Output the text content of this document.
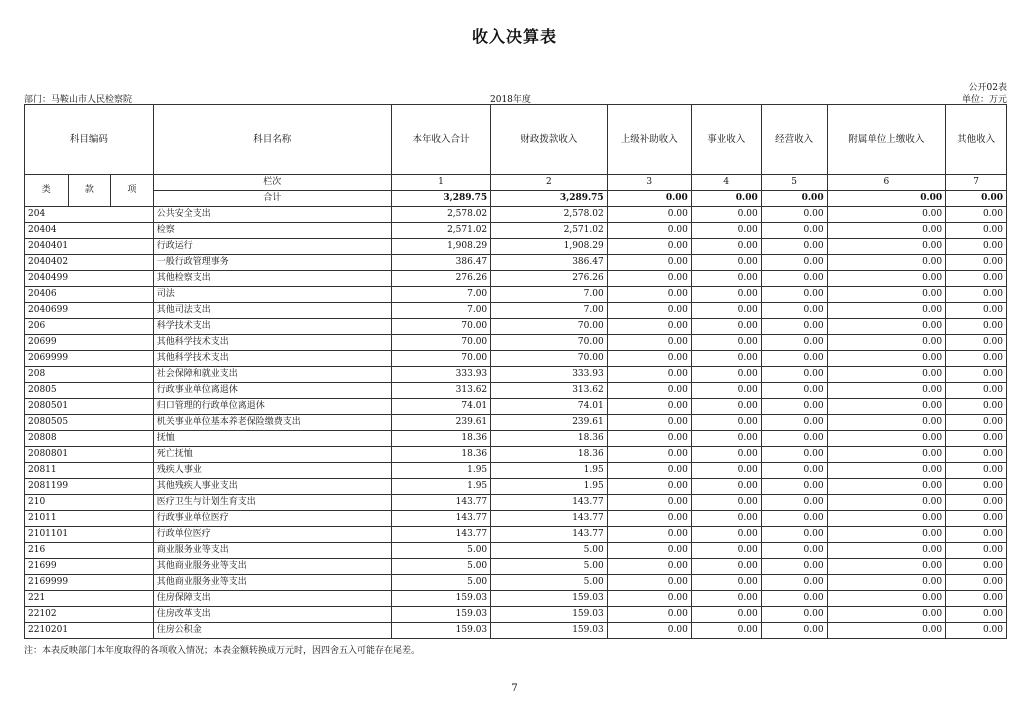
收入决算表
公开02表
部门：马鞍山市人民检察院	2018年度	单位：万元
科目编码			科目名称	本年收入合计	财政拨款收入	上级补助收入	事业收入	经营收入	附属单位上缴收入	其他收入
类	款	项	栏次	1	2	3	4	5	6	7
			合计	3,289.75	3,289.75	0.00	0.00	0.00	0.00	0.00
204			公共安全支出	2,578.02	2,578.02	0.00	0.00	0.00	0.00	0.00
20404			检察	2,571.02	2,571.02	0.00	0.00	0.00	0.00	0.00
2040401			行政运行	1,908.29	1,908.29	0.00	0.00	0.00	0.00	0.00
2040402			一般行政管理事务	386.47	386.47	0.00	0.00	0.00	0.00	0.00
2040499			其他检察支出	276.26	276.26	0.00	0.00	0.00	0.00	0.00
20406			司法	7.00	7.00	0.00	0.00	0.00	0.00	0.00
2040699			其他司法支出	7.00	7.00	0.00	0.00	0.00	0.00	0.00
206			科学技术支出	70.00	70.00	0.00	0.00	0.00	0.00	0.00
20699			其他科学技术支出	70.00	70.00	0.00	0.00	0.00	0.00	0.00
2069999			其他科学技术支出	70.00	70.00	0.00	0.00	0.00	0.00	0.00
208			社会保障和就业支出	333.93	333.93	0.00	0.00	0.00	0.00	0.00
20805			行政事业单位离退休	313.62	313.62	0.00	0.00	0.00	0.00	0.00
2080501			归口管理的行政单位离退休	74.01	74.01	0.00	0.00	0.00	0.00	0.00
2080505			机关事业单位基本养老保险缴费支出	239.61	239.61	0.00	0.00	0.00	0.00	0.00
20808			抚恤	18.36	18.36	0.00	0.00	0.00	0.00	0.00
2080801			死亡抚恤	18.36	18.36	0.00	0.00	0.00	0.00	0.00
20811			残疾人事业	1.95	1.95	0.00	0.00	0.00	0.00	0.00
2081199			其他残疾人事业支出	1.95	1.95	0.00	0.00	0.00	0.00	0.00
210			医疗卫生与计划生育支出	143.77	143.77	0.00	0.00	0.00	0.00	0.00
21011			行政事业单位医疗	143.77	143.77	0.00	0.00	0.00	0.00	0.00
2101101			行政单位医疗	143.77	143.77	0.00	0.00	0.00	0.00	0.00
216			商业服务业等支出	5.00	5.00	0.00	0.00	0.00	0.00	0.00
21699			其他商业服务业等支出	5.00	5.00	0.00	0.00	0.00	0.00	0.00
2169999			其他商业服务业等支出	5.00	5.00	0.00	0.00	0.00	0.00	0.00
221			住房保障支出	159.03	159.03	0.00	0.00	0.00	0.00	0.00
22102			住房改革支出	159.03	159.03	0.00	0.00	0.00	0.00	0.00
2210201			住房公积金	159.03	159.03	0.00	0.00	0.00	0.00	0.00
注：本表反映部门本年度取得的各项收入情况；本表金额转换成万元时，因四舍五入可能存在尾差。
7
